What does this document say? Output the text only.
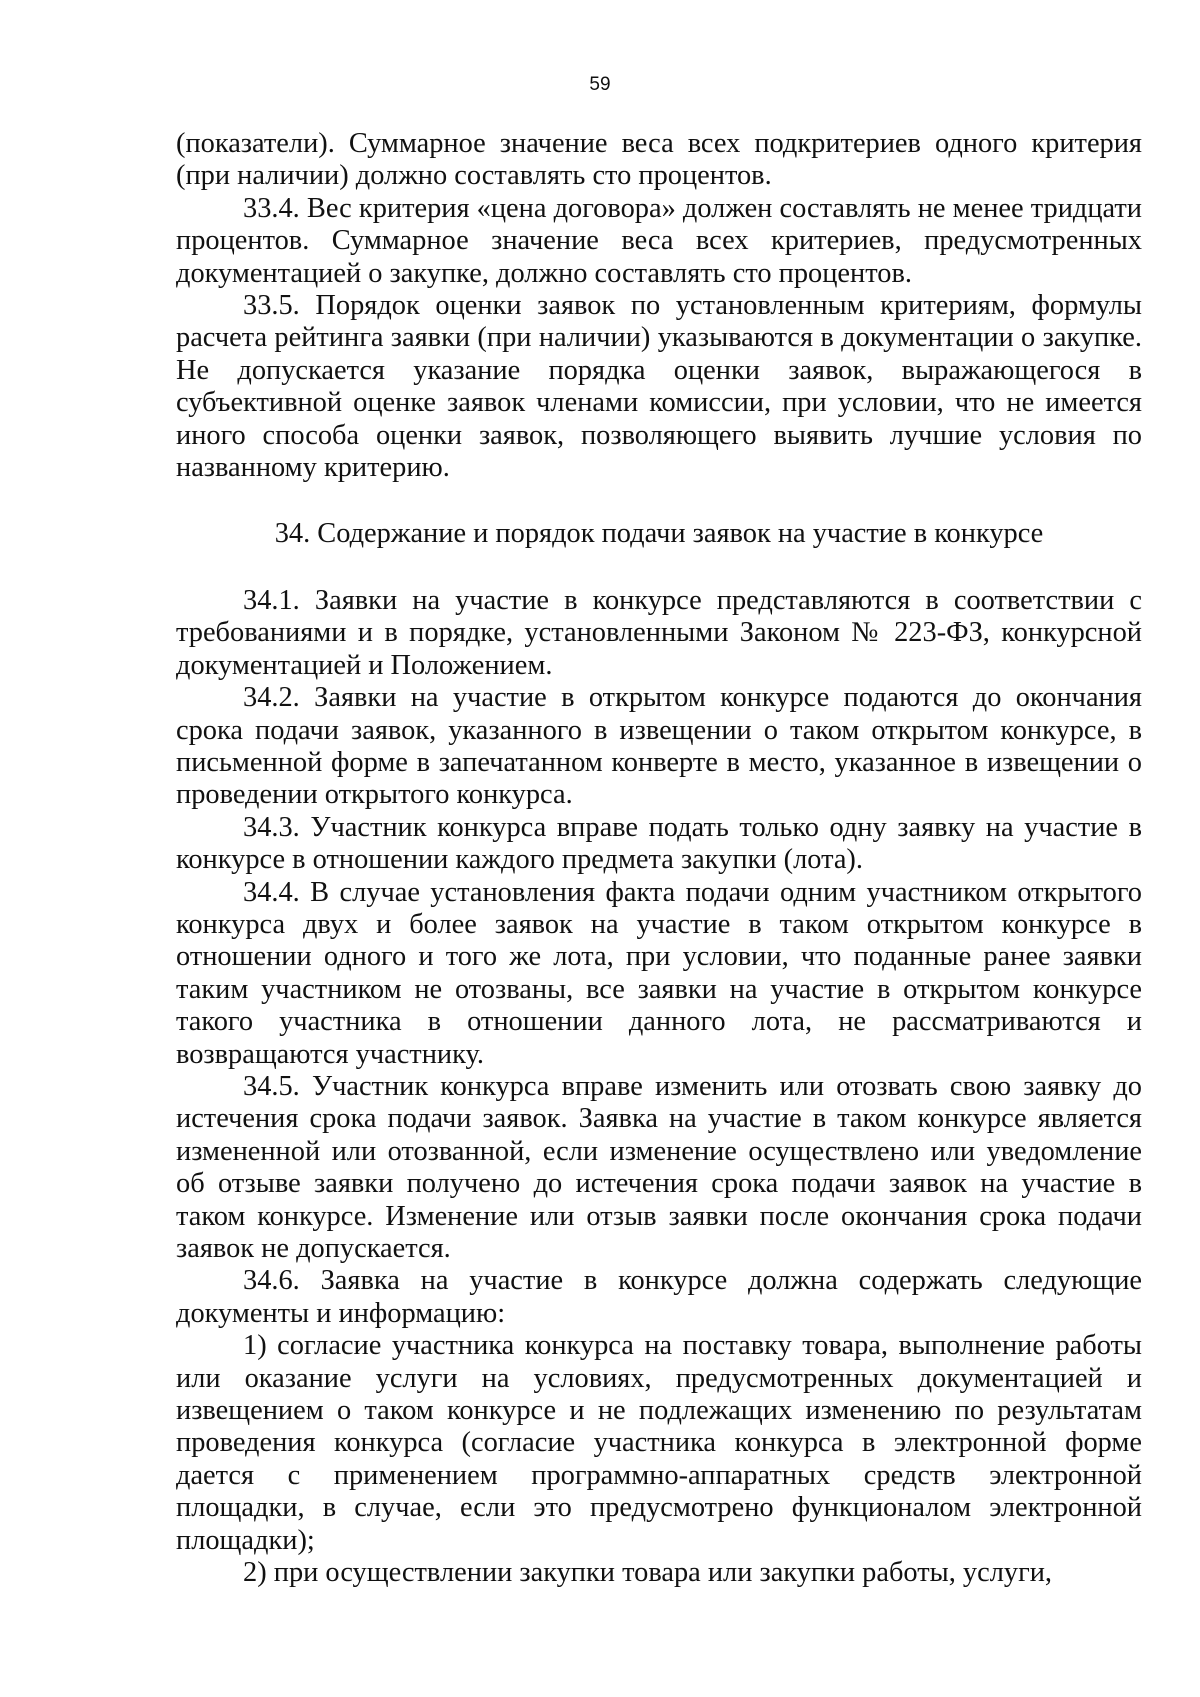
59

(показатели). Суммарное значение веса всех подкритериев одного критерия (при наличии) должно составлять сто процентов.

33.4. Вес критерия «цена договора» должен составлять не менее тридцати процентов. Суммарное значение веса всех критериев, предусмотренных документацией о закупке, должно составлять сто процентов.

33.5. Порядок оценки заявок по установленным критериям, формулы расчета рейтинга заявки (при наличии) указываются в документации о закупке. Не допускается указание порядка оценки заявок, выражающегося в субъективной оценке заявок членами комиссии, при условии, что не имеется иного способа оценки заявок, позволяющего выявить лучшие условия по названному критерию.

34. Содержание и порядок подачи заявок на участие в конкурсе

34.1. Заявки на участие в конкурсе представляются в соответствии с требованиями и в порядке, установленными Законом № 223-ФЗ, конкурсной документацией и Положением.

34.2. Заявки на участие в открытом конкурсе подаются до окончания срока подачи заявок, указанного в извещении о таком открытом конкурсе, в письменной форме в запечатанном конверте в место, указанное в извещении о проведении открытого конкурса.

34.3. Участник конкурса вправе подать только одну заявку на участие в конкурсе в отношении каждого предмета закупки (лота).

34.4. В случае установления факта подачи одним участником открытого конкурса двух и более заявок на участие в таком открытом конкурсе в отношении одного и того же лота, при условии, что поданные ранее заявки таким участником не отозваны, все заявки на участие в открытом конкурсе такого участника в отношении данного лота, не рассматриваются и возвращаются участнику.

34.5. Участник конкурса вправе изменить или отозвать свою заявку до истечения срока подачи заявок. Заявка на участие в таком конкурсе является измененной или отозванной, если изменение осуществлено или уведомление об отзыве заявки получено до истечения срока подачи заявок на участие в таком конкурсе. Изменение или отзыв заявки после окончания срока подачи заявок не допускается.

34.6. Заявка на участие в конкурсе должна содержать следующие документы и информацию:

1) согласие участника конкурса на поставку товара, выполнение работы или оказание услуги на условиях, предусмотренных документацией и извещением о таком конкурсе и не подлежащих изменению по результатам проведения конкурса (согласие участника конкурса в электронной форме дается с применением программно-аппаратных средств электронной площадки, в случае, если это предусмотрено функционалом электронной площадки);

2) при осуществлении закупки товара или закупки работы, услуги,
